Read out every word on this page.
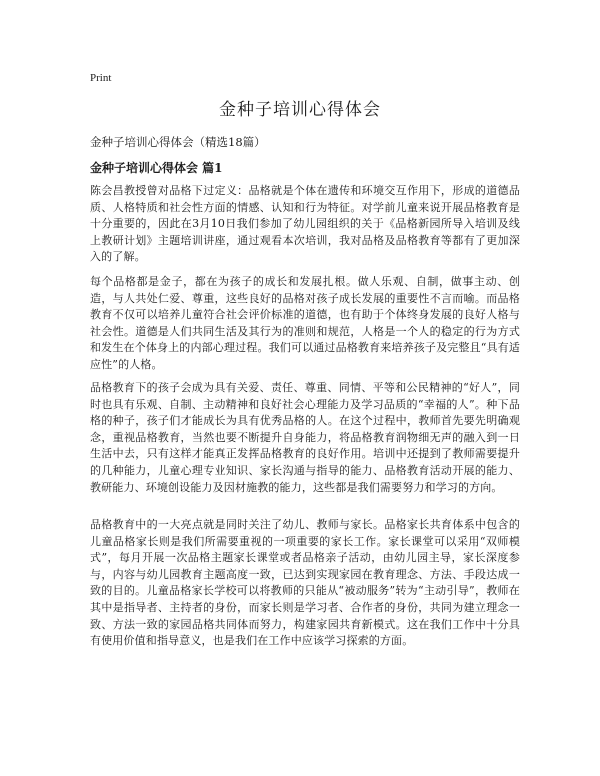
Print
金种子培训心得体会

金种子培训心得体会（精选18篇）

金种子培训心得体会 篇1

陈会昌教授曾对品格下过定义：品格就是个体在遗传和环境交互作用下，形成的道德品质、人格特质和社会性方面的情感、认知和行为特征。对学前儿童来说开展品格教育是十分重要的，因此在3月10日我们参加了幼儿园组织的关于《品格新园所导入培训及线上教研计划》主题培训讲座，通过观看本次培训，我对品格及品格教育等都有了更加深入的了解。

每个品格都是金子，都在为孩子的成长和发展扎根。做人乐观、自制，做事主动、创造，与人共处仁爱、尊重，这些良好的品格对孩子成长发展的重要性不言而喻。而品格教育不仅可以培养儿童符合社会评价标准的道德，也有助于个体终身发展的良好人格与社会性。道德是人们共同生活及其行为的准则和规范，人格是一个人的稳定的行为方式和发生在个体身上的内部心理过程。我们可以通过品格教育来培养孩子及完整且“具有适应性”的人格。

品格教育下的孩子会成为具有关爱、责任、尊重、同情、平等和公民精神的“好人”，同时也具有乐观、自制、主动精神和良好社会心理能力及学习品质的“幸福的人”。种下品格的种子，孩子们才能成长为具有优秀品格的人。在这个过程中，教师首先要先明确观念，重视品格教育，当然也要不断提升自身能力，将品格教育润物细无声的融入到一日生活中去，只有这样才能真正发挥品格教育的良好作用。培训中还提到了教师需要提升的几种能力，儿童心理专业知识、家长沟通与指导的能力、品格教育活动开展的能力、教研能力、环境创设能力及因材施教的能力，这些都是我们需要努力和学习的方向。

品格教育中的一大亮点就是同时关注了幼儿、教师与家长。品格家长共育体系中包含的儿童品格家长则是我们所需要重视的一项重要的家长工作。家长课堂可以采用“双师模式”，每月开展一次品格主题家长课堂或者品格亲子活动，由幼儿园主导，家长深度参与，内容与幼儿园教育主题高度一致，已达到实现家园在教育理念、方法、手段达成一致的目的。儿童品格家长学校可以将教师的只能从“被动服务”转为“主动引导”，教师在其中是指导者、主持者的身份，而家长则是学习者、合作者的身份，共同为建立理念一致、方法一致的家园品格共同体而努力，构建家园共育新模式。这在我们工作中十分具有使用价值和指导意义，也是我们在工作中应该学习探索的方面。
